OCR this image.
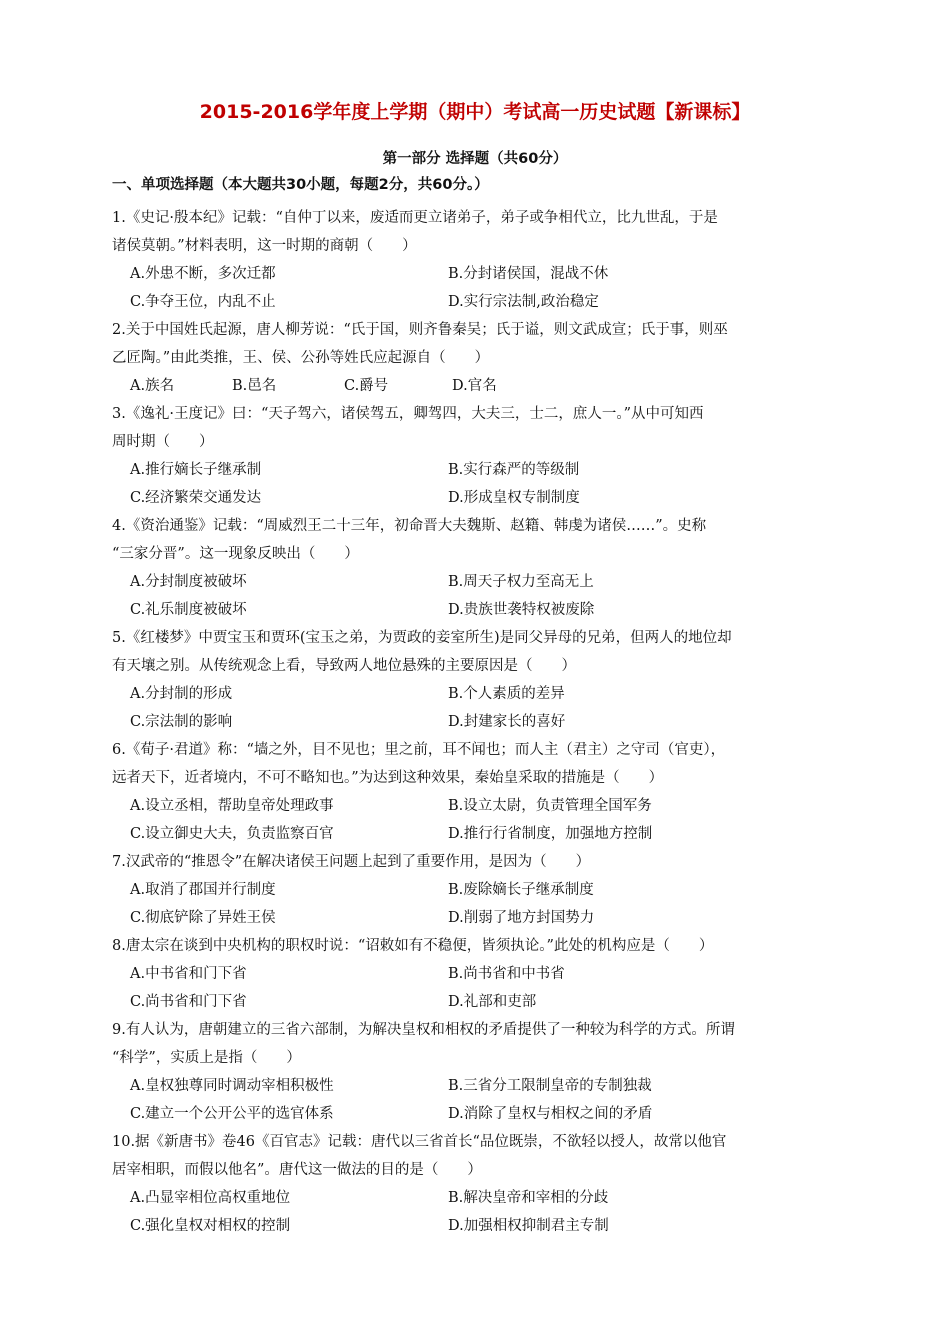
2015-2016学年度上学期（期中）考试高一历史试题【新课标】
第一部分 选择题（共60分）
一、单项选择题（本大题共30小题，每题2分，共60分。）
1.《史记·殷本纪》记载：“自仲丁以来，废适而更立诸弟子，弟子或争相代立，比九世乱，于是
诸侯莫朝。”材料表明，这一时期的商朝（　　）
A.外患不断，多次迁都	B.分封诸侯国，混战不休
C.争夺王位，内乱不止	D.实行宗法制,政治稳定
2.关于中国姓氏起源，唐人柳芳说：“氏于国，则齐鲁秦吴；氏于谥，则文武成宣；氏于事，则巫
乙匠陶。”由此类推，王、侯、公孙等姓氏应起源自（　　）
A.族名	B.邑名	C.爵号	D.官名
3.《逸礼·王度记》曰：“天子驾六，诸侯驾五，卿驾四，大夫三，士二，庶人一。”从中可知西
周时期（　　）
A.推行嫡长子继承制	B.实行森严的等级制
C.经济繁荣交通发达	D.形成皇权专制制度
4.《资治通鉴》记载：“周威烈王二十三年，初命晋大夫魏斯、赵籍、韩虔为诸侯……”。史称
“三家分晋”。这一现象反映出（　　）
A.分封制度被破坏	B.周天子权力至高无上
C.礼乐制度被破坏	D.贵族世袭特权被废除
5.《红楼梦》中贾宝玉和贾环(宝玉之弟，为贾政的妾室所生)是同父异母的兄弟，但两人的地位却
有天壤之别。从传统观念上看，导致两人地位悬殊的主要原因是（　　）
A.分封制的形成	B.个人素质的差异
C.宗法制的影响	D.封建家长的喜好
6.《荀子·君道》称：“墙之外，目不见也；里之前，耳不闻也；而人主（君主）之守司（官吏），
远者天下，近者境内，不可不略知也。”为达到这种效果，秦始皇采取的措施是（　　）
A.设立丞相，帮助皇帝处理政事	B.设立太尉，负责管理全国军务
C.设立御史大夫，负责监察百官	D.推行行省制度，加强地方控制
7.汉武帝的“推恩令”在解决诸侯王问题上起到了重要作用，是因为（　　）
A.取消了郡国并行制度	B.废除嫡长子继承制度
C.彻底铲除了异姓王侯	D.削弱了地方封国势力
8.唐太宗在谈到中央机构的职权时说：“诏敕如有不稳便，皆须执论。”此处的机构应是（　　）
A.中书省和门下省	B.尚书省和中书省
C.尚书省和门下省	D.礼部和吏部
9.有人认为，唐朝建立的三省六部制，为解决皇权和相权的矛盾提供了一种较为科学的方式。所谓
“科学”，实质上是指（　　）
A.皇权独尊同时调动宰相积极性	B.三省分工限制皇帝的专制独裁
C.建立一个公开公平的选官体系	D.消除了皇权与相权之间的矛盾
10.据《新唐书》卷46《百官志》记载：唐代以三省首长“品位既崇，不欲轻以授人，故常以他官
居宰相职，而假以他名”。唐代这一做法的目的是（　　）
A.凸显宰相位高权重地位	B.解决皇帝和宰相的分歧
C.强化皇权对相权的控制	D.加强相权抑制君主专制
